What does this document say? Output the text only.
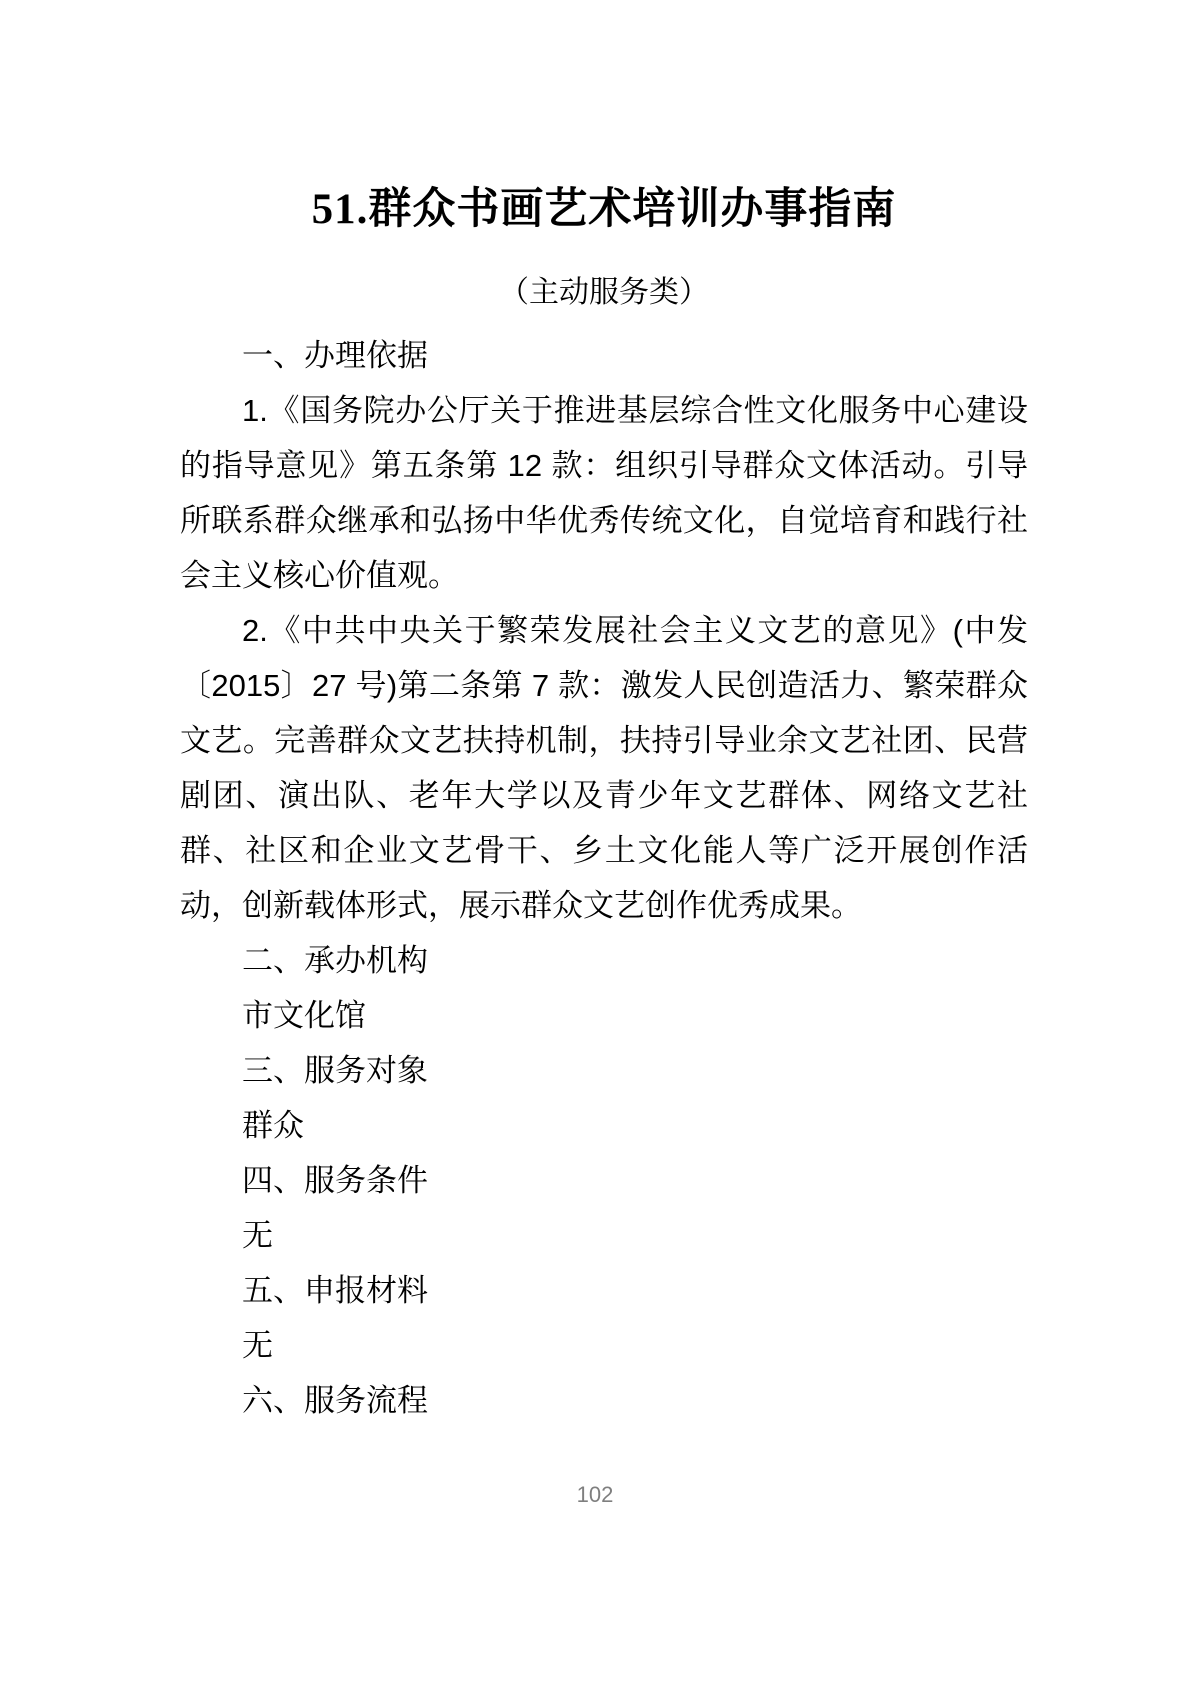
51.群众书画艺术培训办事指南
（主动服务类）
一、办理依据

1.《国务院办公厅关于推进基层综合性文化服务中心建设的指导意见》第五条第 12 款：组织引导群众文体活动。引导所联系群众继承和弘扬中华优秀传统文化，自觉培育和践行社会主义核心价值观。

2.《中共中央关于繁荣发展社会主义文艺的意见》(中发〔2015〕27 号)第二条第 7 款：激发人民创造活力、繁荣群众文艺。完善群众文艺扶持机制，扶持引导业余文艺社团、民营剧团、演出队、老年大学以及青少年文艺群体、网络文艺社群、社区和企业文艺骨干、乡土文化能人等广泛开展创作活动，创新载体形式，展示群众文艺创作优秀成果。

二、承办机构
市文化馆
三、服务对象
群众
四、服务条件
无
五、申报材料
无
六、服务流程
102
